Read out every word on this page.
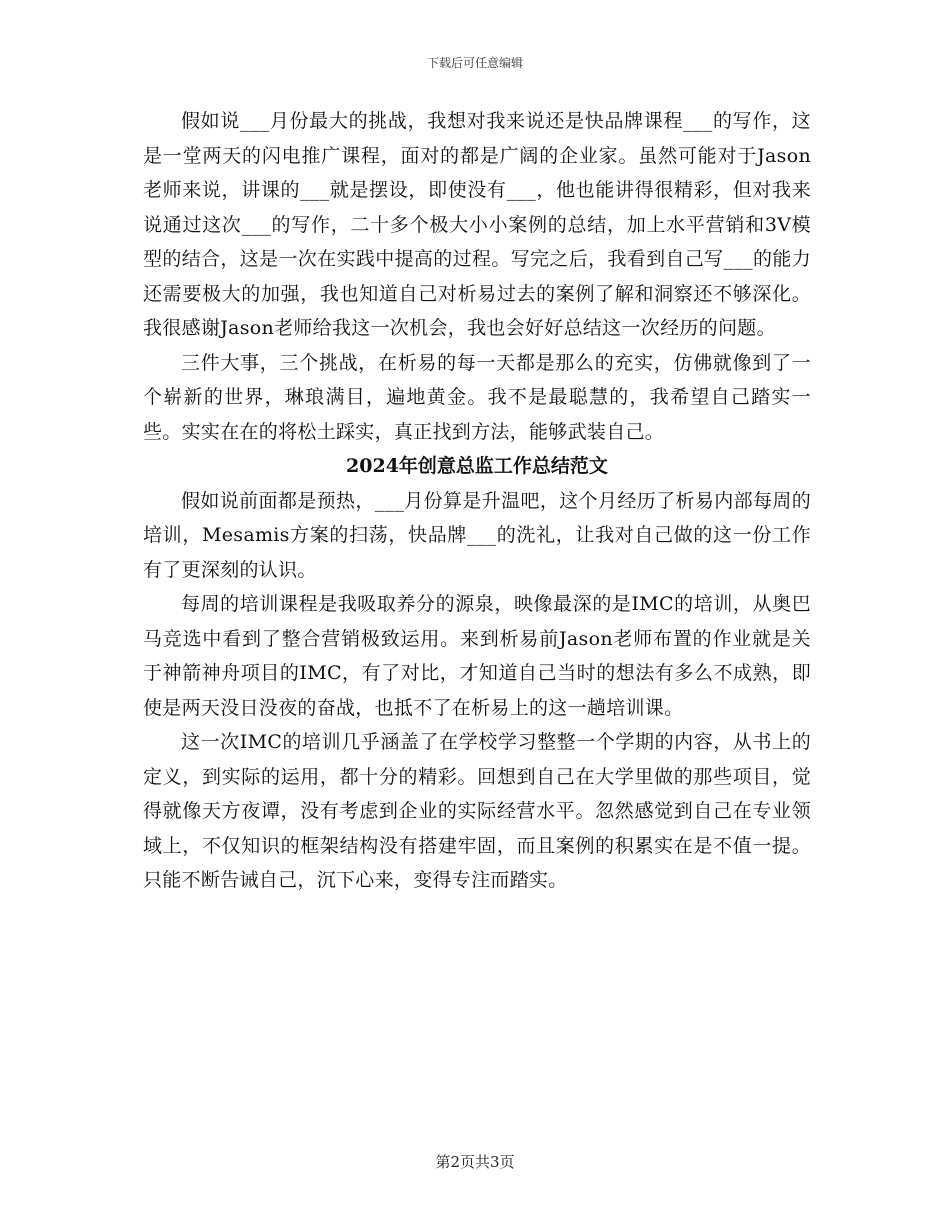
下载后可任意编辑

假如说___月份最大的挑战，我想对我来说还是快品牌课程___的写作，这是一堂两天的闪电推广课程，面对的都是广阔的企业家。虽然可能对于Jason老师来说，讲课的___就是摆设，即使没有___，他也能讲得很精彩，但对我来说通过这次___的写作，二十多个极大小小案例的总结，加上水平营销和3V模型的结合，这是一次在实践中提高的过程。写完之后，我看到自己写___的能力还需要极大的加强，我也知道自己对析易过去的案例了解和洞察还不够深化。我很感谢Jason老师给我这一次机会，我也会好好总结这一次经历的问题。

三件大事，三个挑战，在析易的每一天都是那么的充实，仿佛就像到了一个崭新的世界，琳琅满目，遍地黄金。我不是最聪慧的，我希望自己踏实一些。实实在在的将松土踩实，真正找到方法，能够武装自己。

2024年创意总监工作总结范文

假如说前面都是预热，___月份算是升温吧，这个月经历了析易内部每周的培训，Mesamis方案的扫荡，快品牌___的洗礼，让我对自己做的这一份工作有了更深刻的认识。

每周的培训课程是我吸取养分的源泉，映像最深的是IMC的培训，从奥巴马竞选中看到了整合营销极致运用。来到析易前Jason老师布置的作业就是关于神箭神舟项目的IMC，有了对比，才知道自己当时的想法有多么不成熟，即使是两天没日没夜的奋战，也抵不了在析易上的这一趟培训课。

这一次IMC的培训几乎涵盖了在学校学习整整一个学期的内容，从书上的定义，到实际的运用，都十分的精彩。回想到自己在大学里做的那些项目，觉得就像天方夜谭，没有考虑到企业的实际经营水平。忽然感觉到自己在专业领域上，不仅知识的框架结构没有搭建牢固，而且案例的积累实在是不值一提。只能不断告诫自己，沉下心来，变得专注而踏实。

第2页共3页
